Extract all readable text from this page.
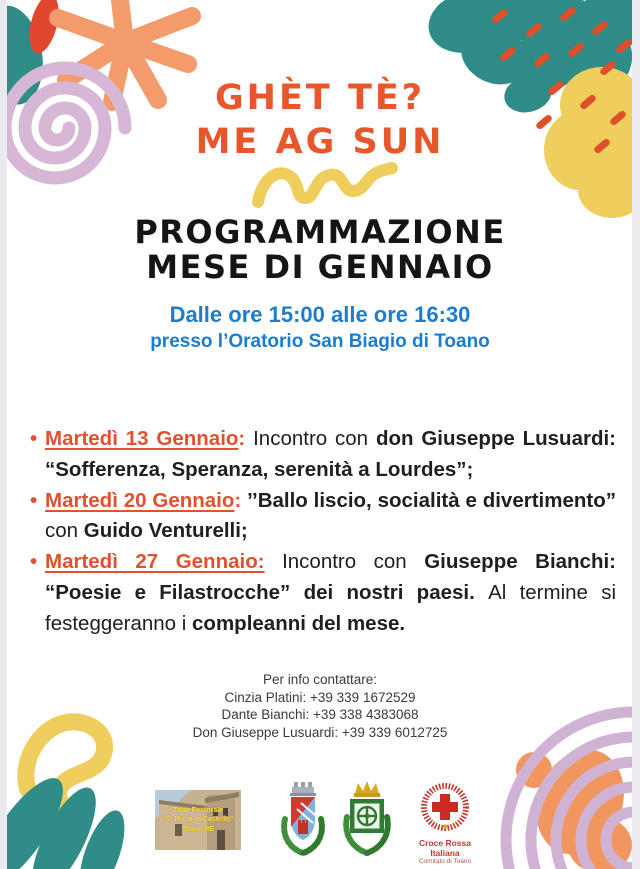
GHÈT TÈ?
ME AG SUN
PROGRAMMAZIONE
MESE DI GENNAIO
Dalle ore 15:00 alle ore 16:30
presso l’Oratorio San Biagio di Toano
• Martedì 13 Gennaio: Incontro con don Giuseppe Lusuardi: “Sofferenza, Speranza, serenità a Lourdes”;
• Martedì 20 Gennaio: ’’Ballo liscio, socialità e divertimento” con Guido Venturelli;
• Martedì 27 Gennaio: Incontro con Giuseppe Bianchi: “Poesie e Filastrocche” dei nostri paesi. Al termine si festeggeranno i compleanni del mese.
Per info contattare:
Cinzia Platini: +39 339 1672529
Dante Bianchi: +39 338 4383068
Don Giuseppe Lusuardi: +39 339 6012725
Zona Pastorale
“S. Maria in Castello”
Toano RE
Croce Rossa Italiana
Comitato di Toano
